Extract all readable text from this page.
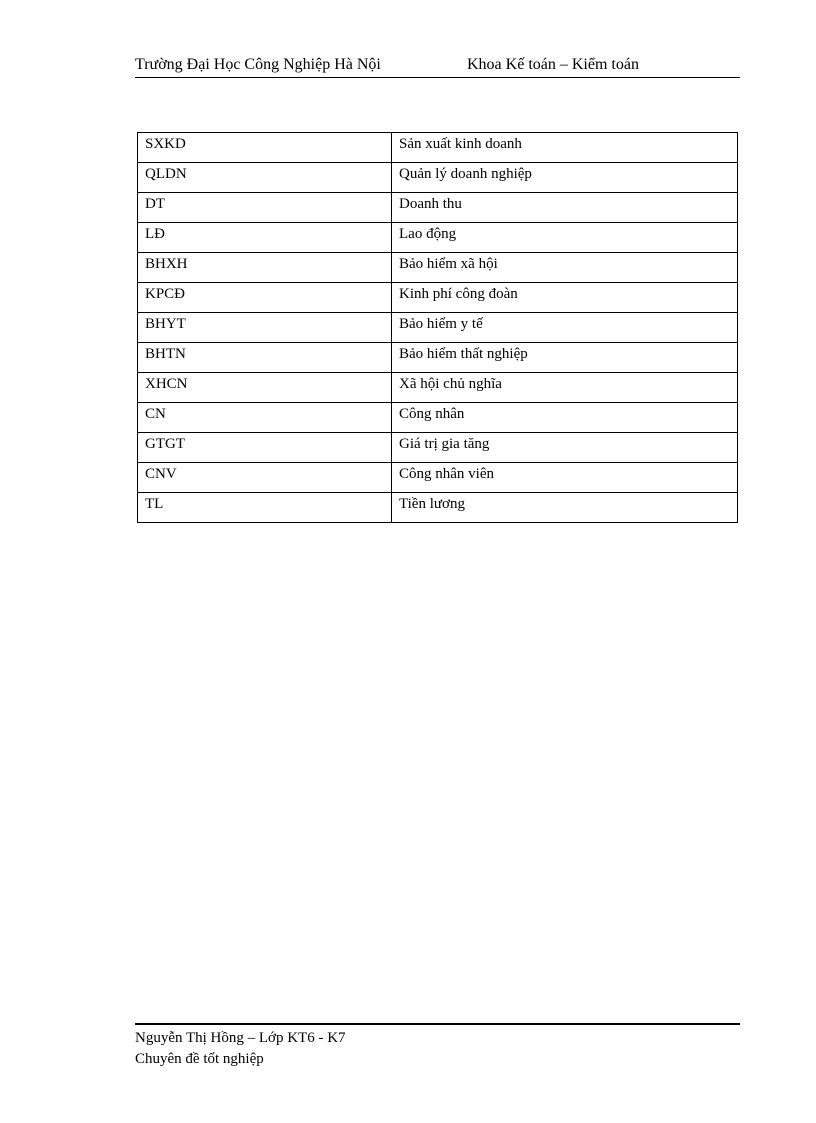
Trường Đại Học Công Nghiệp Hà Nội	Khoa Kế toán – Kiểm toán
SXKD	Sản xuất kinh doanh
QLDN	Quản lý doanh nghiệp
DT	Doanh thu
LĐ	Lao động
BHXH	Bảo hiểm xã hội
KPCĐ	Kinh phí công đoàn
BHYT	Bảo hiểm y tế
BHTN	Bảo hiểm thất nghiệp
XHCN	Xã hội chủ nghĩa
CN	Công nhân
GTGT	Giá trị gia tăng
CNV	Công nhân viên
TL	Tiền lương
Nguyễn Thị Hồng – Lớp KT6 - K7
Chuyên đề tốt nghiệp
